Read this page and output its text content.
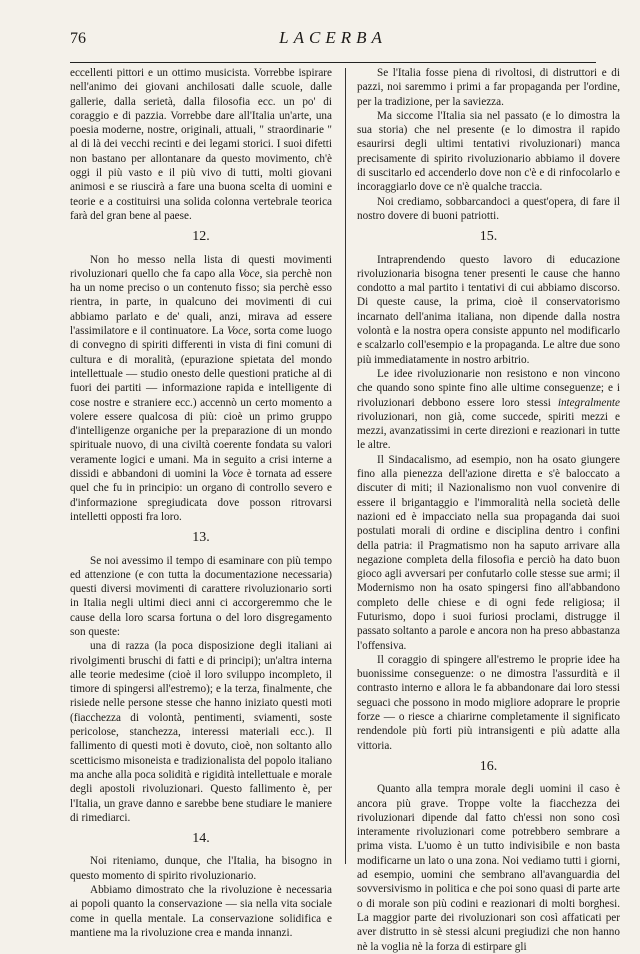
76	LACERBA

eccellenti pittori e un ottimo musicista. Vorrebbe ispirare nell'animo dei giovani anchilosati dalle scuole, dalle gallerie, dalla serietà, dalla filosofia ecc. un po' di coraggio e di pazzia. Vorrebbe dare all'Italia un'arte, una poesia moderne, nostre, originali, attuali, " straordinarie " al di là dei vecchi recinti e dei legami storici. I suoi difetti non bastano per allontanare da questo movimento, ch'è oggi il più vasto e il più vivo di tutti, molti giovani animosi e se riuscirà a fare una buona scelta di uomini e teorie e a costituirsi una solida colonna vertebrale teorica farà del gran bene al paese.

12.

Non ho messo nella lista di questi movimenti rivoluzionari quello che fa capo alla Voce, sia perchè non ha un nome preciso o un contenuto fisso; sia perchè esso rientra, in parte, in qualcuno dei movimenti di cui abbiamo parlato e de' quali, anzi, mirava ad essere l'assimilatore e il continuatore. La Voce, sorta come luogo di convegno di spiriti differenti in vista di fini comuni di cultura e di moralità, (epurazione spietata del mondo intellettuale — studio onesto delle questioni pratiche al di fuori dei partiti — informazione rapida e intelligente di cose nostre e straniere ecc.) accennò un certo momento a volere essere qualcosa di più: cioè un primo gruppo d'intelligenze organiche per la preparazione di un mondo spirituale nuovo, di una civiltà coerente fondata su valori veramente logici e umani. Ma in seguito a crisi interne a dissidi e abbandoni di uomini la Voce è tornata ad essere quel che fu in principio: un organo di controllo severo e d'informazione spregiudicata dove posson ritrovarsi intelletti opposti fra loro.

13.

Se noi avessimo il tempo di esaminare con più tempo ed attenzione (e con tutta la documentazione necessaria) questi diversi movimenti di carattere rivoluzionario sorti in Italia negli ultimi dieci anni ci accorgeremmo che le cause della loro scarsa fortuna o del loro disgregamento son queste:

una di razza (la poca disposizione degli italiani ai rivolgimenti bruschi di fatti e di principi); un'altra interna alle teorie medesime (cioè il loro sviluppo incompleto, il timore di spingersi all'estremo); e la terza, finalmente, che risiede nelle persone stesse che hanno iniziato questi moti (fiacchezza di volontà, pentimenti, sviamenti, soste pericolose, stanchezza, interessi materiali ecc.). Il fallimento di questi moti è dovuto, cioè, non soltanto allo scetticismo misoneista e tradizionalista del popolo italiano ma anche alla poca solidità e rigidità intellettuale e morale degli apostoli rivoluzionari. Questo fallimento è, per l'Italia, un grave danno e sarebbe bene studiare le maniere di rimediarci.

14.

Noi riteniamo, dunque, che l'Italia, ha bisogno in questo momento di spirito rivoluzionario.

Abbiamo dimostrato che la rivoluzione è necessaria ai popoli quanto la conservazione — sia nella vita sociale come in quella mentale. La conservazione solidifica e mantiene ma la rivoluzione crea e manda innanzi.

Se l'Italia fosse piena di rivoltosi, di distruttori e di pazzi, noi saremmo i primi a far propaganda per l'ordine, per la tradizione, per la saviezza.

Ma siccome l'Italia sia nel passato (e lo dimostra la sua storia) che nel presente (e lo dimostra il rapido esaurirsi degli ultimi tentativi rivoluzionari) manca precisamente di spirito rivoluzionario abbiamo il dovere di suscitarlo ed accenderlo dove non c'è e di rinfocolarlo e incoraggiarlo dove ce n'è qualche traccia.

Noi crediamo, sobbarcandoci a quest'opera, di fare il nostro dovere di buoni patriotti.

15.

Intraprendendo questo lavoro di educazione rivoluzionaria bisogna tener presenti le cause che hanno condotto a mal partito i tentativi di cui abbiamo discorso. Di queste cause, la prima, cioè il conservatorismo incarnato dell'anima italiana, non dipende dalla nostra volontà e la nostra opera consiste appunto nel modificarlo e scalzarlo coll'esempio e la propaganda. Le altre due sono più immediatamente in nostro arbitrio.

Le idee rivoluzionarie non resistono e non vincono che quando sono spinte fino alle ultime conseguenze; e i rivoluzionari debbono essere loro stessi integralmente rivoluzionari, non già, come succede, spiriti mezzi e mezzi, avanzatissimi in certe direzioni e reazionari in tutte le altre.

Il Sindacalismo, ad esempio, non ha osato giungere fino alla pienezza dell'azione diretta e s'è baloccato a discuter di miti; il Nazionalismo non vuol convenire di essere il brigantaggio e l'immoralità nella società delle nazioni ed è impacciato nella sua propaganda dai suoi postulati morali di ordine e disciplina dentro i confini della patria: il Pragmatismo non ha saputo arrivare alla negazione completa della filosofia e perciò ha dato buon gioco agli avversari per confutarlo colle stesse sue armi; il Modernismo non ha osato spingersi fino all'abbandono completo delle chiese e di ogni fede religiosa; il Futurismo, dopo i suoi furiosi proclami, distrugge il passato soltanto a parole e ancora non ha preso abbastanza l'offensiva.

Il coraggio di spingere all'estremo le proprie idee ha buonissime conseguenze: o ne dimostra l'assurdità e il contrasto interno e allora le fa abbandonare dai loro stessi seguaci che possono in modo migliore adoprare le proprie forze — o riesce a chiarirne completamente il significato rendendole più forti più intransigenti e più adatte alla vittoria.

16.

Quanto alla tempra morale degli uomini il caso è ancora più grave. Troppe volte la fiacchezza dei rivoluzionari dipende dal fatto ch'essi non sono così interamente rivoluzionari come potrebbero sembrare a prima vista. L'uomo è un tutto indivisibile e non basta modificarne un lato o una zona. Noi vediamo tutti i giorni, ad esempio, uomini che sembrano all'avanguardia del sovversivismo in politica e che poi sono quasi di parte arte o di morale son più codini e reazionari di molti borghesi. La maggior parte dei rivoluzionari son così affaticati per aver distrutto in sè stessi alcuni pregiudizi che non hanno nè la voglia nè la forza di estirpare gli
